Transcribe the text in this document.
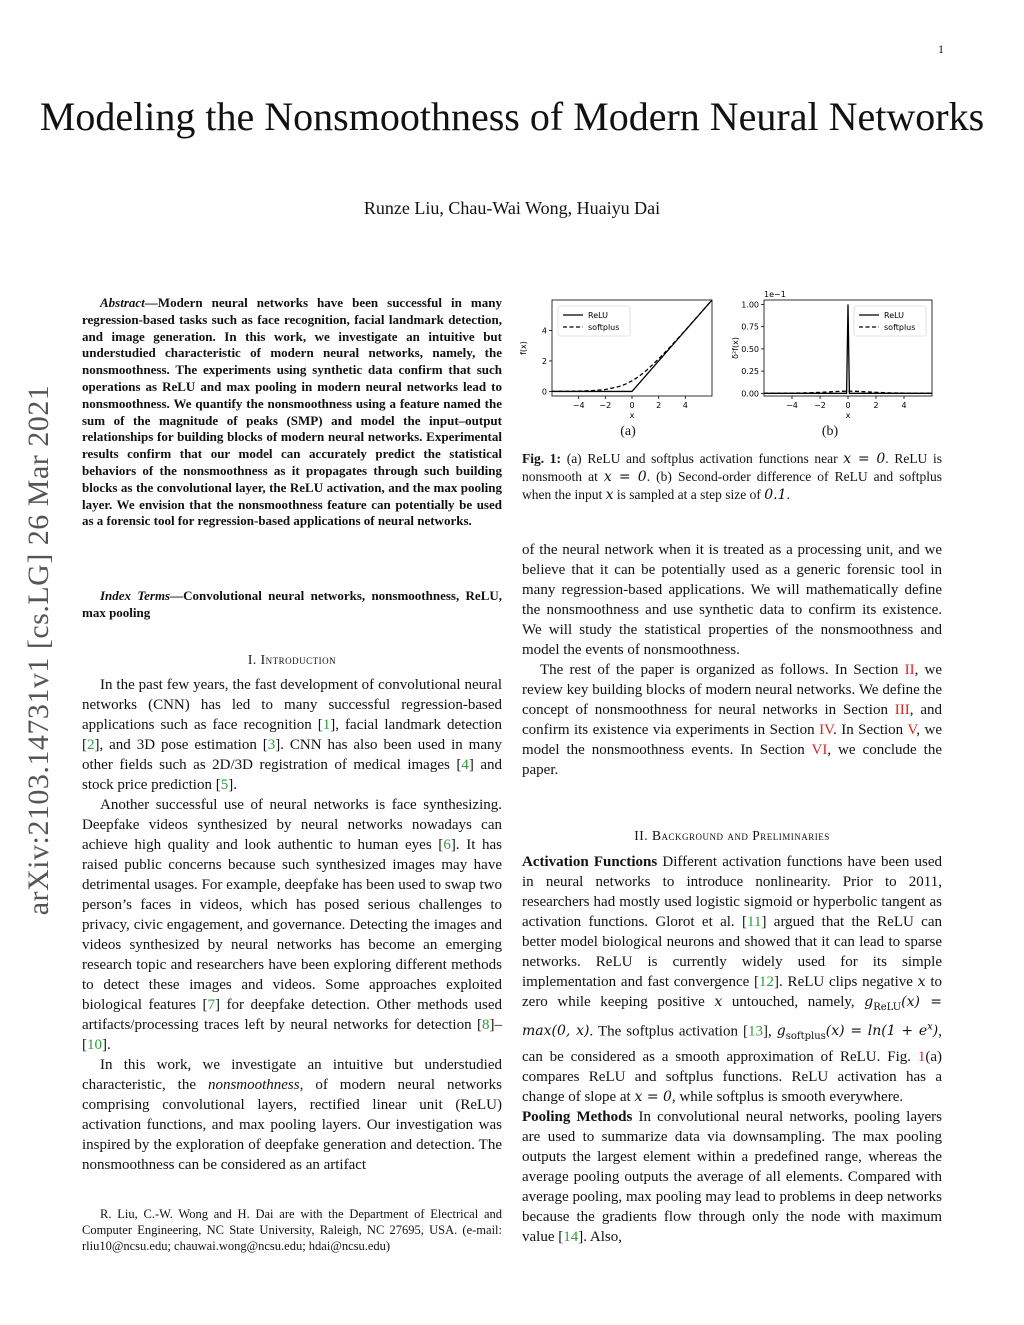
1
Modeling the Nonsmoothness of Modern Neural Networks
Runze Liu, Chau-Wai Wong, Huaiyu Dai
arXiv:2103.14731v1 [cs.LG] 26 Mar 2021

Abstract—Modern neural networks have been successful in many regression-based tasks such as face recognition, facial landmark detection, and image generation. In this work, we investigate an intuitive but understudied characteristic of modern neural networks, namely, the nonsmoothness. The experiments using synthetic data confirm that such operations as ReLU and max pooling in modern neural networks lead to nonsmoothness. We quantify the nonsmoothness using a feature named the sum of the magnitude of peaks (SMP) and model the input–output relationships for building blocks of modern neural networks. Experimental results confirm that our model can accurately predict the statistical behaviors of the nonsmoothness as it propagates through such building blocks as the convolutional layer, the ReLU activation, and the max pooling layer. We envision that the nonsmoothness feature can potentially be used as a forensic tool for regression-based applications of neural networks.

Index Terms—Convolutional neural networks, nonsmoothness, ReLU, max pooling

I. Introduction

In the past few years, the fast development of convolutional neural networks (CNN) has led to many successful regression-based applications such as face recognition [1], facial landmark detection [2], and 3D pose estimation [3]. CNN has also been used in many other fields such as 2D/3D registration of medical images [4] and stock price prediction [5].

Another successful use of neural networks is face synthesizing. Deepfake videos synthesized by neural networks nowadays can achieve high quality and look authentic to human eyes [6]. It has raised public concerns because such synthesized images may have detrimental usages. For example, deepfake has been used to swap two person’s faces in videos, which has posed serious challenges to privacy, civic engagement, and governance. Detecting the images and videos synthesized by neural networks has become an emerging research topic and researchers have been exploring different methods to detect these images and videos. Some approaches exploited biological features [7] for deepfake detection. Other methods used artifacts/processing traces left by neural networks for detection [8]–[10].

In this work, we investigate an intuitive but understudied characteristic, the nonsmoothness, of modern neural networks comprising convolutional layers, rectified linear unit (ReLU) activation functions, and max pooling layers. Our investigation was inspired by the exploration of deepfake generation and detection. The nonsmoothness can be considered as an artifact

R. Liu, C.-W. Wong and H. Dai are with the Department of Electrical and Computer Engineering, NC State University, Raleigh, NC 27695, USA. (e-mail: rliu10@ncsu.edu; chauwai.wong@ncsu.edu; hdai@ncsu.edu)

−4 −2 0	2	4
0
2
4
x
f(x)
ReLU
softplus
−4 −2 0	2	4
0.00
0.25
0.50
0.75
1.00
x
δ²f(x)
1e−1
ReLU
softplus
(a)	(b)
Fig. 1: (a) ReLU and softplus activation functions near x = 0. ReLU is nonsmooth at x = 0. (b) Second-order difference of ReLU and softplus when the input x is sampled at a step size of 0.1.

of the neural network when it is treated as a processing unit, and we believe that it can be potentially used as a generic forensic tool in many regression-based applications. We will mathematically define the nonsmoothness and use synthetic data to confirm its existence. We will study the statistical properties of the nonsmoothness and model the events of nonsmoothness.

The rest of the paper is organized as follows. In Section II, we review key building blocks of modern neural networks. We define the concept of nonsmoothness for neural networks in Section III, and confirm its existence via experiments in Section IV. In Section V, we model the nonsmoothness events. In Section VI, we conclude the paper.

II. Background and Preliminaries

Activation Functions Different activation functions have been used in neural networks to introduce nonlinearity. Prior to 2011, researchers had mostly used logistic sigmoid or hyperbolic tangent as activation functions. Glorot et al. [11] argued that the ReLU can better model biological neurons and showed that it can lead to sparse networks. ReLU is currently widely used for its simple implementation and fast convergence [12]. ReLU clips negative x to zero while keeping positive x untouched, namely, $g_{ReLU}(x) = \max(0$, x). The softplus activation [13], $g_{softplus}(x) = \ln(1 + e^x)$, can be considered as a smooth approximation of ReLU. Fig. 1(a) compares ReLU and softplus functions. ReLU activation has a change of slope at x = 0, while softplus is smooth everywhere.

Pooling Methods In convolutional neural networks, pooling layers are used to summarize data via downsampling. The max pooling outputs the largest element within a predefined range, whereas the average pooling outputs the average of all elements. Compared with average pooling, max pooling may lead to problems in deep networks because the gradients flow through only the node with maximum value [14]. Also,
